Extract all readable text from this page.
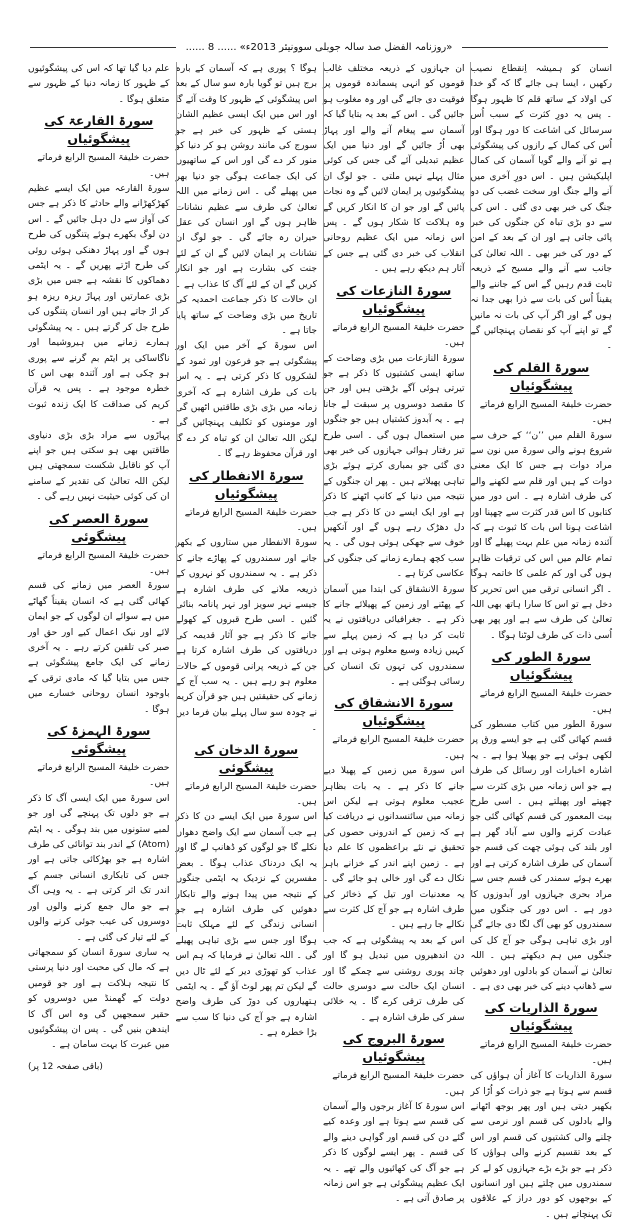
«روزنامہ الفضل صد سالہ جوبلی سوونیئر 2013ء» ...... 8 ......

انسان کو ہمیشہ اِنقطاع نصیب رکھیں ، ایسا ہی جائے گا کہ گو خدا کی اولاد کے ساتھ قلم کا ظہور ہوگا ۔ پس یہ دورِ کثرت کے سبب اُس سرسائل کی اشاعت کا دور ہوگا اور اُس کی کمال کے رازوں کی پیشگوئی ہے تو آنے والے گویا آسمان کی کمال اپلیکیشن ہیں ۔ اس دورِ آخری میں آنے والے جنگ اور سخت غضب کی دو جنگ کی خبر بھی دی گئی ۔ اس کی سے دو بڑی تباہ کن جنگوں کی خبر پائی جاتی ہے اور ان کے بعد کے امن کے دور کی خبر بھی ۔ اللہ تعالیٰ کی جانب سے آنے والے مسیح کے ذریعہ ثابت قدم رہیں گے اس کے جاننے والے یقیناً اُس کی بات سے ذرا بھی جدا نہ ہوں گے اور اگر آپ کی بات نہ مانیں گے تو اپنے آپ کو نقصان پہنچائیں گے ۔

سورۃ القلم کی پیشگوئیاں

حضرت خلیفۃ المسیح الرابع فرماتے ہیں۔

سورۃ القلم میں ’’ن‘‘ کے حرف سے شروع ہونے والی سورۃ میں نون سے مراد دوات ہے جس کا ایک معنی دوات کے ہیں اور قلم سے لکھنے والے کی طرف اشارہ ہے ۔ اس دور میں کتابوں کا اس قدر کثرت سے چھپنا اور اشاعت ہونا اس بات کا ثبوت ہے کہ آئندہ زمانہ میں علم بہت پھیلے گا اور تمام عالم میں اس کی ترقیات ظاہر ہوں گی اور کم علمی کا خاتمہ ہوگا ۔ اگر انسانی ترقی میں اس تحریر کا دخل ہے تو اس کا سارا ہاتھ بھی اللہ تعالیٰ کی طرف سے ہے اور پھر بھی اُسی ذات کی طرف لوٹنا ہوگا ۔

سورۃ الطور کی پیشگوئیاں

حضرت خلیفۃ المسیح الرابع فرماتے ہیں۔

سورۃ الطور میں کتاب مسطور کی قسم کھائی گئی ہے جو ایسے ورق پر لکھی ہوئی ہے جو پھیلا ہوا ہے ۔ یہ اشارہ اخبارات اور رسائل کی طرف ہے جو اس زمانہ میں بڑی کثرت سے چھپتے اور پھیلتے ہیں ۔ اسی طرح بیت المعمور کی قسم کھائی گئی جو عبادت کرنے والوں سے آباد گھر ہے اور بلند کی ہوئی چھت کی قسم جو آسمان کی طرف اشارہ کرتی ہے اور بھرے ہوئے سمندر کی قسم جس سے مراد بحری جہازوں اور آبدوزوں کا دور ہے ۔ اس دور کی جنگوں میں سمندروں کو بھی آگ لگا دی جائے گی اور بڑی تباہی ہوگی جو آج کل کی جنگوں میں ہم دیکھتے ہیں ۔ اللہ تعالیٰ نے آسمان کو بادلوں اور دھوئیں سے ڈھانپ دینے کی خبر بھی دی ہے ۔

سورۃ الذاریات کی پیشگوئیاں

حضرت خلیفۃ المسیح الرابع فرماتے ہیں۔

سورۃ الذاریات کا آغاز اُن ہواؤں کی قسم سے ہوتا ہے جو ذرات کو اُڑا کر بکھیر دیتی ہیں اور پھر بوجھ اٹھانے والے بادلوں کی قسم اور نرمی سے چلنے والی کشتیوں کی قسم اور اس کے بعد تقسیم کرنے والی ہواؤں کا ذکر ہے جو بڑے بڑے جہازوں کو لے کر سمندروں میں چلتے ہیں اور انسانوں کے بوجھوں کو دور دراز کے علاقوں تک پہنچاتے ہیں ۔

ان جہازوں کے ذریعہ مختلف غالب قوموں کو انہی پسماندہ قوموں پر فوقیت دی جائے گی اور وہ مغلوب ہو جائیں گی ۔ اس کے بعد یہ بتایا گیا کہ آسمان سے پیغام آنے والے اور پہاڑ بھی اُڑ جائیں گے اور دنیا میں ایک عظیم تبدیلی آئے گی جس کی کوئی مثال پہلے نہیں ملتی ۔ جو لوگ ان پیشگوئیوں پر ایمان لائیں گے وہ نجات پائیں گے اور جو ان کا انکار کریں گے وہ ہلاکت کا شکار ہوں گے ۔ پس اس زمانہ میں ایک عظیم روحانی انقلاب کی خبر دی گئی ہے جس کے آثار ہم دیکھ رہے ہیں ۔

سورۃ النازعات کی پیشگوئیاں

حضرت خلیفۃ المسیح الرابع فرماتے ہیں۔

سورۃ النازعات میں بڑی وضاحت کے ساتھ ایسی کشتیوں کا ذکر ہے جو تیرتی ہوئی آگے بڑھتی ہیں اور جن کا مقصد دوسروں پر سبقت لے جانا ہے ۔ یہ آبدوز کشتیاں ہیں جو جنگوں میں استعمال ہوں گی ۔ اسی طرح تیز رفتار ہوائی جہازوں کی خبر بھی دی گئی جو بمباری کرتے ہوئے بڑی تباہی پھیلاتے ہیں ۔ پھر ان جنگوں کے نتیجہ میں دنیا کے کانپ اٹھنے کا ذکر ہے اور ایک ایسے دن کا ذکر ہے جب دل دھڑک رہے ہوں گے اور آنکھیں خوف سے جھکی ہوئی ہوں گی ۔ یہ سب کچھ ہمارے زمانے کی جنگوں کی عکاسی کرتا ہے ۔

سورۃ الانشقاق کی ابتدا میں آسمان کے پھٹنے اور زمین کے پھیلائے جانے کا ذکر ہے ۔ جغرافیائی دریافتوں نے یہ ثابت کر دیا ہے کہ زمین پہلے سے کہیں زیادہ وسیع معلوم ہوتی ہے اور سمندروں کی تہوں تک انسان کی رسائی ہوگئی ہے ۔

سورۃ الانشقاق کی پیشگوئیاں

حضرت خلیفۃ المسیح الرابع فرماتے ہیں۔

اس سورۃ میں زمین کے پھیلا دیے جانے کا ذکر ہے ۔ یہ بات بظاہر عجیب معلوم ہوتی ہے لیکن اس زمانہ میں سائنسدانوں نے دریافت کیا ہے کہ زمین کے اندرونی حصوں کی تحقیق نے نئے براعظموں کا علم دیا ہے ۔ زمین اپنے اندر کے خزانے باہر نکال دے گی اور خالی ہو جائے گی ۔ یہ معدنیات اور تیل کے ذخائر کی طرف اشارہ ہے جو آج کل کثرت سے نکالے جا رہے ہیں ۔

اس کے بعد یہ پیشگوئی ہے کہ جب دن اندھیروں میں تبدیل ہو گا اور چاند پوری روشنی سے چمکے گا اور انسان ایک حالت سے دوسری حالت کی طرف ترقی کرے گا ۔ یہ خلائی سفر کی طرف اشارہ ہے ۔

سورۃ البروج کی پیشگوئیاں

حضرت خلیفۃ المسیح الرابع فرماتے ہیں۔

اس سورۃ کا آغاز برجوں والے آسمان کی قسم سے ہوتا ہے اور وعدہ کیے گئے دن کی قسم اور گواہی دینے والے کی قسم ۔ پھر ایسے لوگوں کا ذکر ہے جو آگ کی کھائیوں والے تھے ۔ یہ ایک عظیم پیشگوئی ہے جو اس زمانہ پر صادق آتی ہے ۔

ہوگا ؟ پوری ہے کہ آسمان کے بارہ برج ہیں تو گویا بارہ سو سال کے بعد اس پیشگوئی کے ظہور کا وقت آئے گا اور اس میں ایک ایسی عظیم الشان ہستی کے ظہور کی خبر ہے جو سورج کی مانند روشن ہو کر دنیا کو منور کر دے گی اور اس کے ساتھیوں کی ایک جماعت ہوگی جو دنیا بھر میں پھیلے گی ۔ اس زمانے میں اللہ تعالیٰ کی طرف سے عظیم نشانات ظاہر ہوں گے اور انسان کی عقل حیران رہ جائے گی ۔ جو لوگ ان نشانات پر ایمان لائیں گے ان کے لئے جنت کی بشارت ہے اور جو انکار کریں گے ان کے لئے آگ کا عذاب ہے ۔ ان حالات کا ذکر جماعت احمدیہ کی تاریخ میں بڑی وضاحت کے ساتھ پایا جاتا ہے ۔

اس سورۃ کے آخر میں ایک اور پیشگوئی ہے جو فرعون اور ثمود کے لشکروں کا ذکر کرتی ہے ۔ یہ اس بات کی طرف اشارہ ہے کہ آخری زمانہ میں بڑی بڑی طاقتیں اٹھیں گی اور مومنوں کو تکلیف پہنچائیں گی لیکن اللہ تعالیٰ ان کو تباہ کر دے گا اور قرآن محفوظ رہے گا ۔

سورۃ الانفطار کی پیشگوئیاں

حضرت خلیفۃ المسیح الرابع فرماتے ہیں۔

سورۃ الانفطار میں ستاروں کے بکھر جانے اور سمندروں کے پھاڑے جانے کا ذکر ہے ۔ یہ سمندروں کو نہروں کے ذریعہ ملانے کی طرف اشارہ ہے جیسے نہر سویز اور نہر پانامہ بنائی گئیں ۔ اسی طرح قبروں کے کھولے جانے کا ذکر ہے جو آثار قدیمہ کی دریافتوں کی طرف اشارہ کرتا ہے جن کے ذریعہ پرانی قوموں کے حالات معلوم ہو رہے ہیں ۔ یہ سب آج کے زمانے کی حقیقتیں ہیں جو قرآن کریم نے چودہ سو سال پہلے بیان فرما دیں ۔

سورۃ الدخان کی پیشگوئی

حضرت خلیفۃ المسیح الرابع فرماتے ہیں۔

اس سورۃ میں ایک ایسے دن کا ذکر ہے جب آسمان سے ایک واضح دھواں نکلے گا جو لوگوں کو ڈھانپ لے گا اور یہ ایک دردناک عذاب ہوگا ۔ بعض مفسرین کے نزدیک یہ ایٹمی جنگوں کے نتیجہ میں پیدا ہونے والے تابکار دھوئیں کی طرف اشارہ ہے جو انسانی زندگی کے لئے مہلک ثابت ہوگا اور جس سے بڑی تباہی پھیلے گی ۔ اللہ تعالیٰ نے فرمایا کہ ہم اس عذاب کو تھوڑی دیر کے لئے ٹال دیں گے لیکن تم پھر لوٹ آؤ گے ۔ یہ ایٹمی ہتھیاروں کی دوڑ کی طرف واضح اشارہ ہے جو آج کی دنیا کا سب سے بڑا خطرہ ہے ۔

علم دیا گیا تھا کہ اس کی پیشگوئیوں کے ظہور کا زمانہ دنیا کے ظہور سے متعلق ہوگا ۔

سورۃ القارعۃ کی پیشگوئیاں

حضرت خلیفۃ المسیح الرابع فرماتے ہیں۔

سورۃ القارعہ میں ایک ایسے عظیم کھڑکھڑانے والے حادثے کا ذکر ہے جس کی آواز سے دل دہل جائیں گے ۔ اس دن لوگ بکھرے ہوئے پتنگوں کی طرح ہوں گے اور پہاڑ دھنکی ہوئی روئی کی طرح اڑتے پھریں گے ۔ یہ ایٹمی دھماکوں کا نقشہ ہے جس میں بڑی بڑی عمارتیں اور پہاڑ ریزہ ریزہ ہو کر اڑ جاتے ہیں اور انسان پتنگوں کی طرح جل کر گرتے ہیں ۔ یہ پیشگوئی ہمارے زمانے میں ہیروشیما اور ناگاساکی پر ایٹم بم گرنے سے پوری ہو چکی ہے اور آئندہ بھی اس کا خطرہ موجود ہے ۔ پس یہ قرآن کریم کی صداقت کا ایک زندہ ثبوت ہے ۔

پہاڑوں سے مراد بڑی بڑی دنیاوی طاقتیں بھی ہو سکتی ہیں جو اپنے آپ کو ناقابل شکست سمجھتی ہیں لیکن اللہ تعالیٰ کی تقدیر کے سامنے ان کی کوئی حیثیت نہیں رہے گی ۔

سورۃ العصر کی پیشگوئی

حضرت خلیفۃ المسیح الرابع فرماتے ہیں۔

سورۃ العصر میں زمانے کی قسم کھائی گئی ہے کہ انسان یقیناً گھاٹے میں ہے سوائے ان لوگوں کے جو ایمان لائے اور نیک اعمال کیے اور حق اور صبر کی تلقین کرتے رہے ۔ یہ آخری زمانے کی ایک جامع پیشگوئی ہے جس میں بتایا گیا کہ مادی ترقی کے باوجود انسان روحانی خسارے میں ہوگا ۔

سورۃ الہمزۃ کی پیشگوئی

حضرت خلیفۃ المسیح الرابع فرماتے ہیں۔

اس سورۃ میں ایک ایسی آگ کا ذکر ہے جو دلوں تک پہنچے گی اور جو لمبے ستونوں میں بند ہوگی ۔ یہ ایٹم (Atom) کے اندر بند توانائی کی طرف اشارہ ہے جو بھڑکائی جاتی ہے اور جس کی تابکاری انسانی جسم کے اندر تک اثر کرتی ہے ۔ یہ وہی آگ ہے جو مال جمع کرنے والوں اور دوسروں کی عیب جوئی کرنے والوں کے لئے تیار کی گئی ہے ۔

یہ ساری سورۃ انسان کو سمجھاتی ہے کہ مال کی محبت اور دنیا پرستی کا نتیجہ ہلاکت ہے اور جو قومیں دولت کے گھمنڈ میں دوسروں کو حقیر سمجھیں گی وہ اس آگ کا ایندھن بنیں گی ۔ پس ان پیشگوئیوں میں عبرت کا بہت سامان ہے ۔

(باقی صفحہ 12 پر)
